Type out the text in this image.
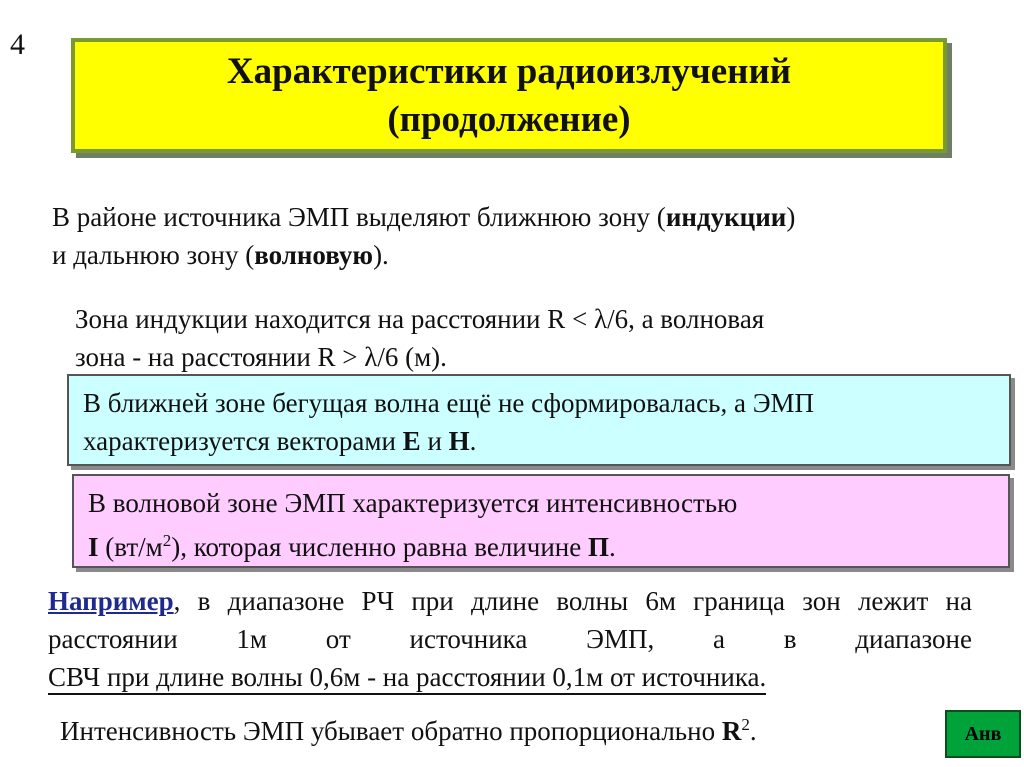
4
Характеристики радиоизлучений
(продолжение)
В районе источника ЭМП выделяют ближнюю зону (индукции)
и дальнюю зону (волновую).
Зона индукции находится на расстоянии R < λ/6, а волновая
зона - на расстоянии R > λ/6 (м).
В ближней зоне бегущая волна ещё не сформировалась, а ЭМП
характеризуется векторами E и H.
В волновой зоне ЭМП характеризуется интенсивностью
I $(вт/м^2)$, которая численно равна величине П.
Например, в диапазоне РЧ при длине волны 6м граница зон лежит на расстоянии 1м от источника ЭМП, а в диапазоне СВЧ при длине волны 0,6м - на расстоянии 0,1м от источника.
Интенсивность ЭМП убывает обратно пропорционально $R^2$.	Анв
